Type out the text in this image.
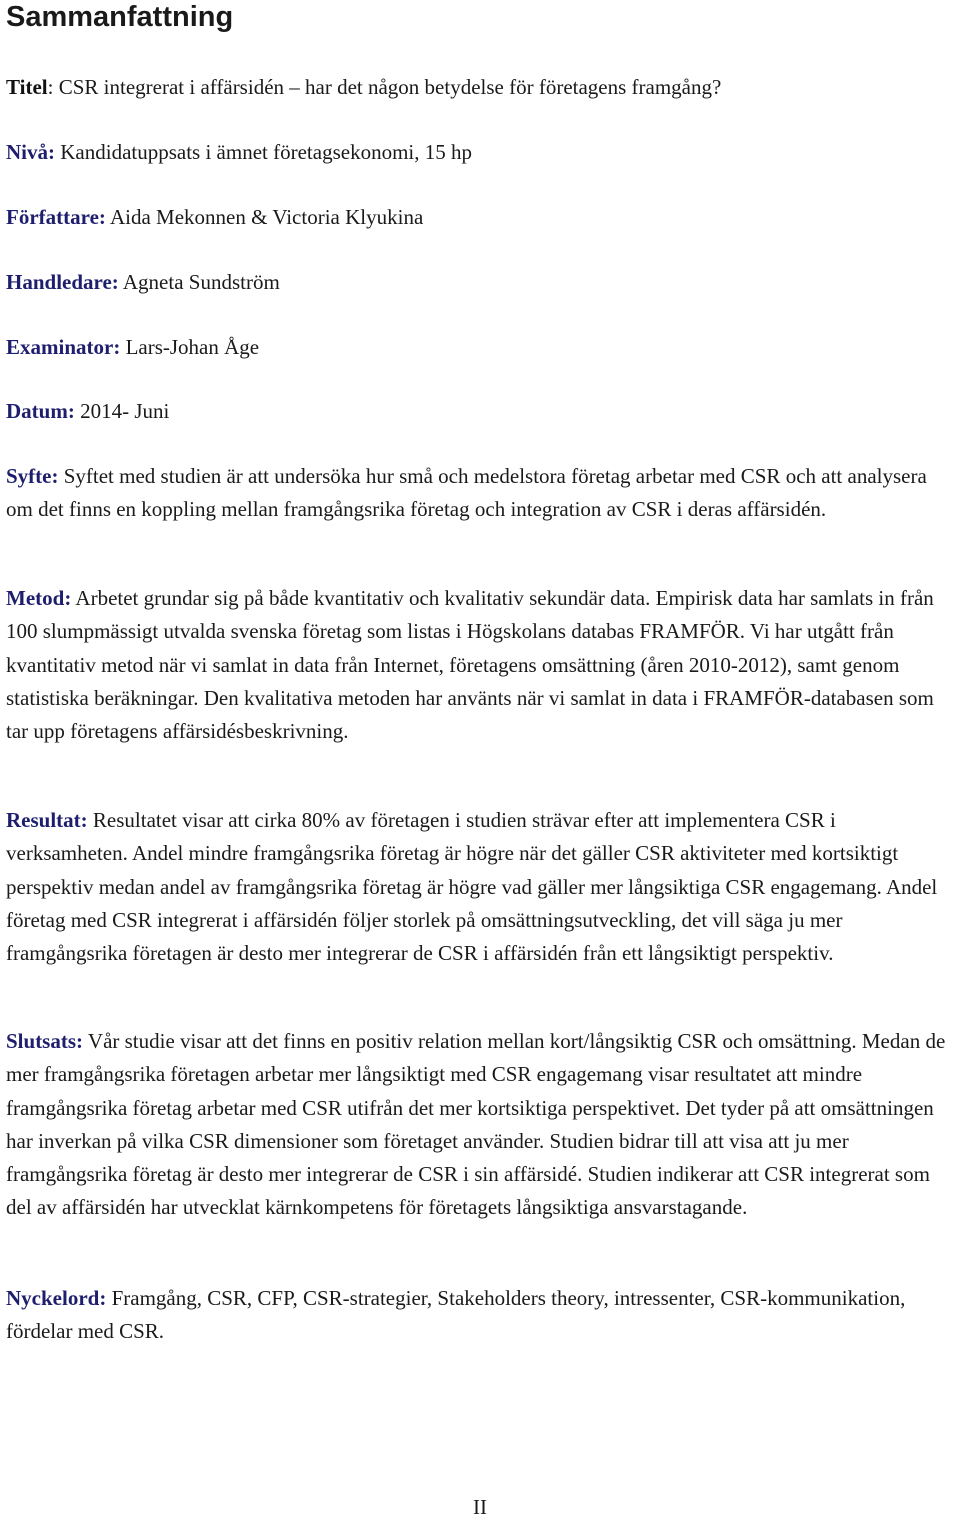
Sammanfattning
Titel: CSR integrerat i affärsidén – har det någon betydelse för företagens framgång?
Nivå: Kandidatuppsats i ämnet företagsekonomi, 15 hp
Författare: Aida Mekonnen & Victoria Klyukina
Handledare: Agneta Sundström
Examinator: Lars-Johan Åge
Datum: 2014- Juni
Syfte: Syftet med studien är att undersöka hur små och medelstora företag arbetar med CSR och att analysera om det finns en koppling mellan framgångsrika företag och integration av CSR i deras affärsidén.
Metod: Arbetet grundar sig på både kvantitativ och kvalitativ sekundär data. Empirisk data har samlats in från 100 slumpmässigt utvalda svenska företag som listas i Högskolans databas FRAMFÖR. Vi har utgått från kvantitativ metod när vi samlat in data från Internet, företagens omsättning (åren 2010-2012), samt genom statistiska beräkningar. Den kvalitativa metoden har använts när vi samlat in data i FRAMFÖR-databasen som tar upp företagens affärsidésbeskrivning.
Resultat: Resultatet visar att cirka 80% av företagen i studien strävar efter att implementera CSR i verksamheten. Andel mindre framgångsrika företag är högre när det gäller CSR aktiviteter med kortsiktigt perspektiv medan andel av framgångsrika företag är högre vad gäller mer långsiktiga CSR engagemang. Andel företag med CSR integrerat i affärsidén följer storlek på omsättningsutveckling, det vill säga ju mer framgångsrika företagen är desto mer integrerar de CSR i affärsidén från ett långsiktigt perspektiv.
Slutsats: Vår studie visar att det finns en positiv relation mellan kort/långsiktig CSR och omsättning. Medan de mer framgångsrika företagen arbetar mer långsiktigt med CSR engagemang visar resultatet att mindre framgångsrika företag arbetar med CSR utifrån det mer kortsiktiga perspektivet. Det tyder på att omsättningen har inverkan på vilka CSR dimensioner som företaget använder. Studien bidrar till att visa att ju mer framgångsrika företag är desto mer integrerar de CSR i sin affärsidé. Studien indikerar att CSR integrerat som del av affärsidén har utvecklat kärnkompetens för företagets långsiktiga ansvarstagande.
Nyckelord: Framgång, CSR, CFP, CSR-strategier, Stakeholders theory, intressenter, CSR-kommunikation, fördelar med CSR.
II
